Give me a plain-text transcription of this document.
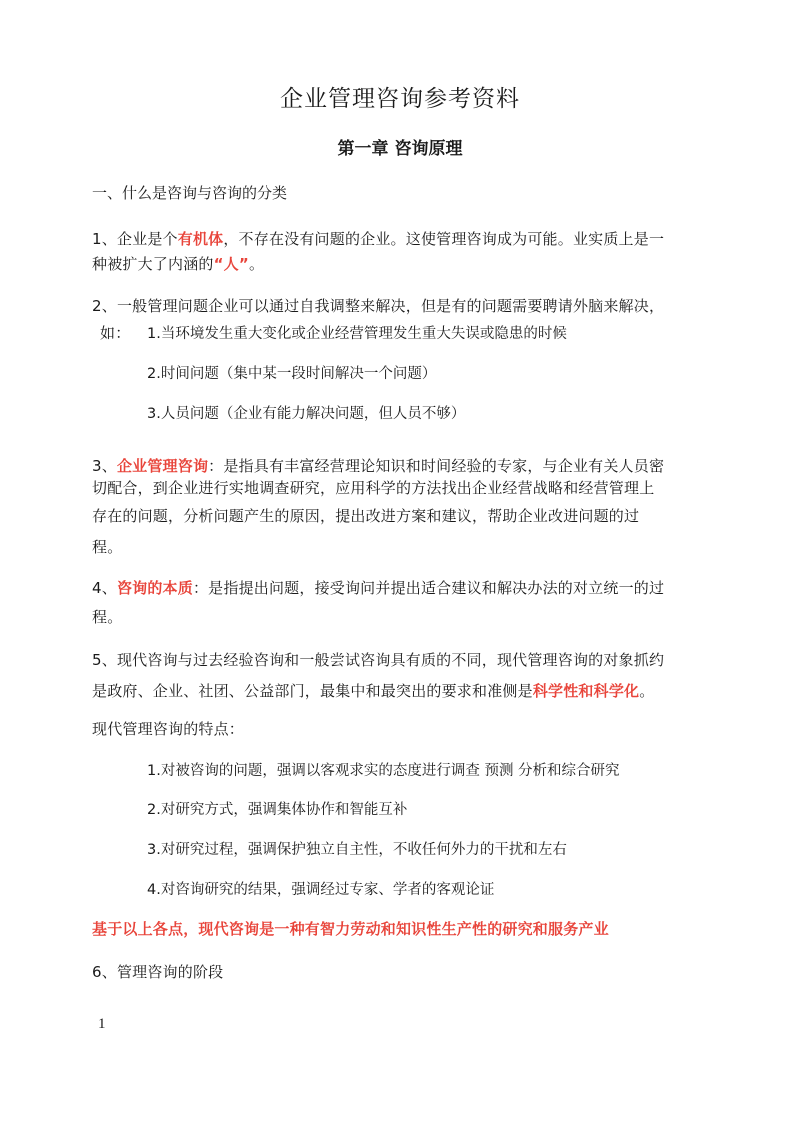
企业管理咨询参考资料
第一章 咨询原理
一、什么是咨询与咨询的分类
1、企业是个有机体，不存在没有问题的企业。这使管理咨询成为可能。业实质上是一
种被扩大了内涵的“人”。
2、一般管理问题企业可以通过自我调整来解决，但是有的问题需要聘请外脑来解决，
如： 1.当环境发生重大变化或企业经营管理发生重大失误或隐患的时候
2.时间问题（集中某一段时间解决一个问题）
3.人员问题（企业有能力解决问题，但人员不够）
3、企业管理咨询：是指具有丰富经营理论知识和时间经验的专家，与企业有关人员密
切配合，到企业进行实地调查研究，应用科学的方法找出企业经营战略和经营管理上
存在的问题，分析问题产生的原因，提出改进方案和建议，帮助企业改进问题的过
程。
4、咨询的本质：是指提出问题，接受询问并提出适合建议和解决办法的对立统一的过
程。
5、现代咨询与过去经验咨询和一般尝试咨询具有质的不同，现代管理咨询的对象抓约
是政府、企业、社团、公益部门，最集中和最突出的要求和准侧是科学性和科学化。
现代管理咨询的特点：
1.对被咨询的问题，强调以客观求实的态度进行调查 预测 分析和综合研究
2.对研究方式，强调集体协作和智能互补
3.对研究过程，强调保护独立自主性，不收任何外力的干扰和左右
4.对咨询研究的结果，强调经过专家、学者的客观论证
基于以上各点，现代咨询是一种有智力劳动和知识性生产性的研究和服务产业
6、管理咨询的阶段
1
